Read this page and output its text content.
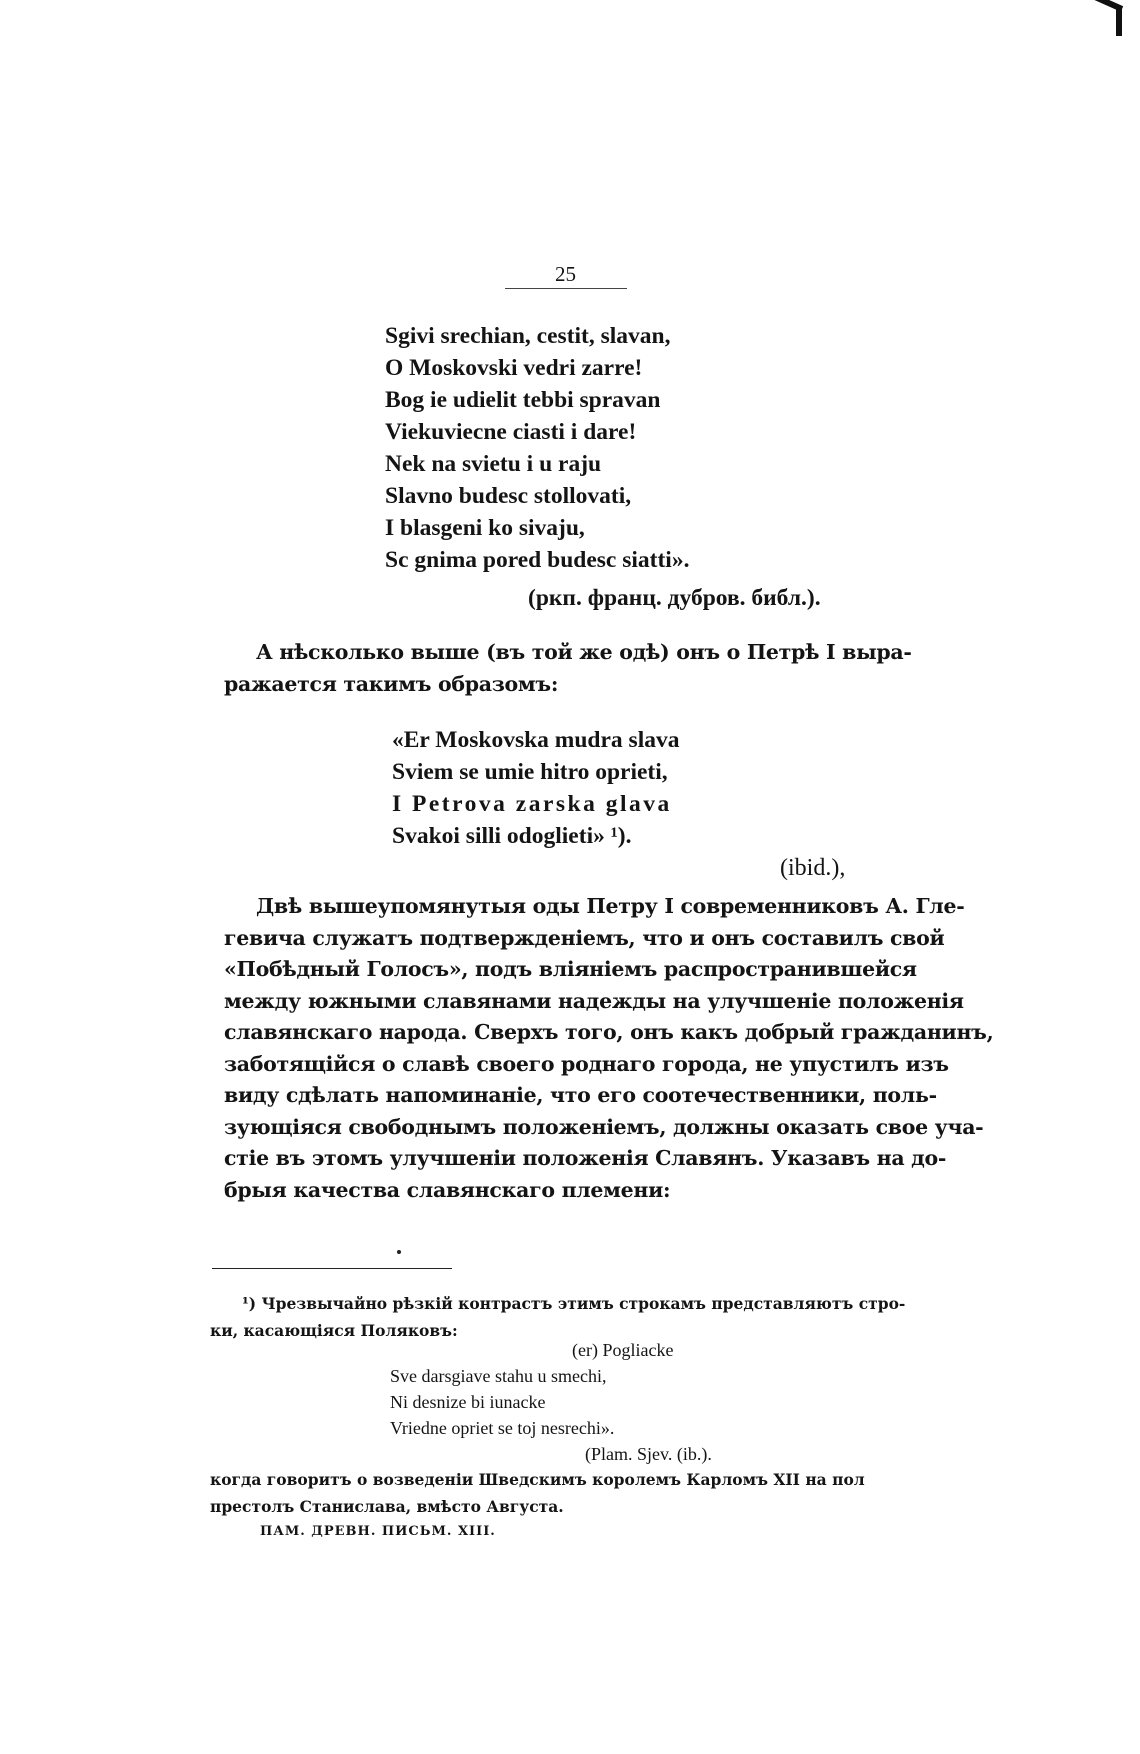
25
Sgivi srechian, cestit, slavan,
O Moskovski vedri zarre!
Bog ie udielit tebbi spravan
Viekuviecne ciasti i dare!
Nek na svietu i u raju
Slavno budesc stollovati,
I blasgeni ko sivaju,
Sc gnima pored budesc siatti».
(ркп. франц. дубров. библ.).
А нѣсколько выше (въ той же одѣ) онъ о Петрѣ I выра-
ражается такимъ образомъ:
«Er Moskovska mudra slava
Sviem se umie hitro oprieti,
I Petrova zarska glava
Svakoi silli odoglieti» ¹).
(ibid.),
Двѣ вышеупомянутыя оды Петру I современниковъ А. Гле-
гевича служатъ подтвержденіемъ, что и онъ составилъ свой
«Побѣдный Голосъ», подъ вліяніемъ распространившейся
между южными славянами надежды на улучшеніе положенія
славянскаго народа. Сверхъ того, онъ какъ добрый гражданинъ,
заботящійся о славѣ своего роднаго города, не упустилъ изъ
виду сдѣлать напоминаніе, что его соотечественники, поль-
зующіяся свободнымъ положеніемъ, должны оказать свое уча-
стіе въ этомъ улучшеніи положенія Славянъ. Указавъ на до-
брыя качества славянскаго племени:
¹) Чрезвычайно рѣзкій контрастъ этимъ строкамъ представляютъ стро-
ки, касающіяся Поляковъ:
(er) Pogliacke
Sve darsgiave stahu u smechi,
Ni desnize bi iunacke
Vriedne opriet se toj nesrechi».
(Plam. Sjev. (ib.).
когда говоритъ о возведеніи Шведскимъ королемъ Карломъ XII на пол
престолъ Станислава, вмѣсто Августа.
ПАМ. ДРЕВН. ПИСЬМ. XIII.
